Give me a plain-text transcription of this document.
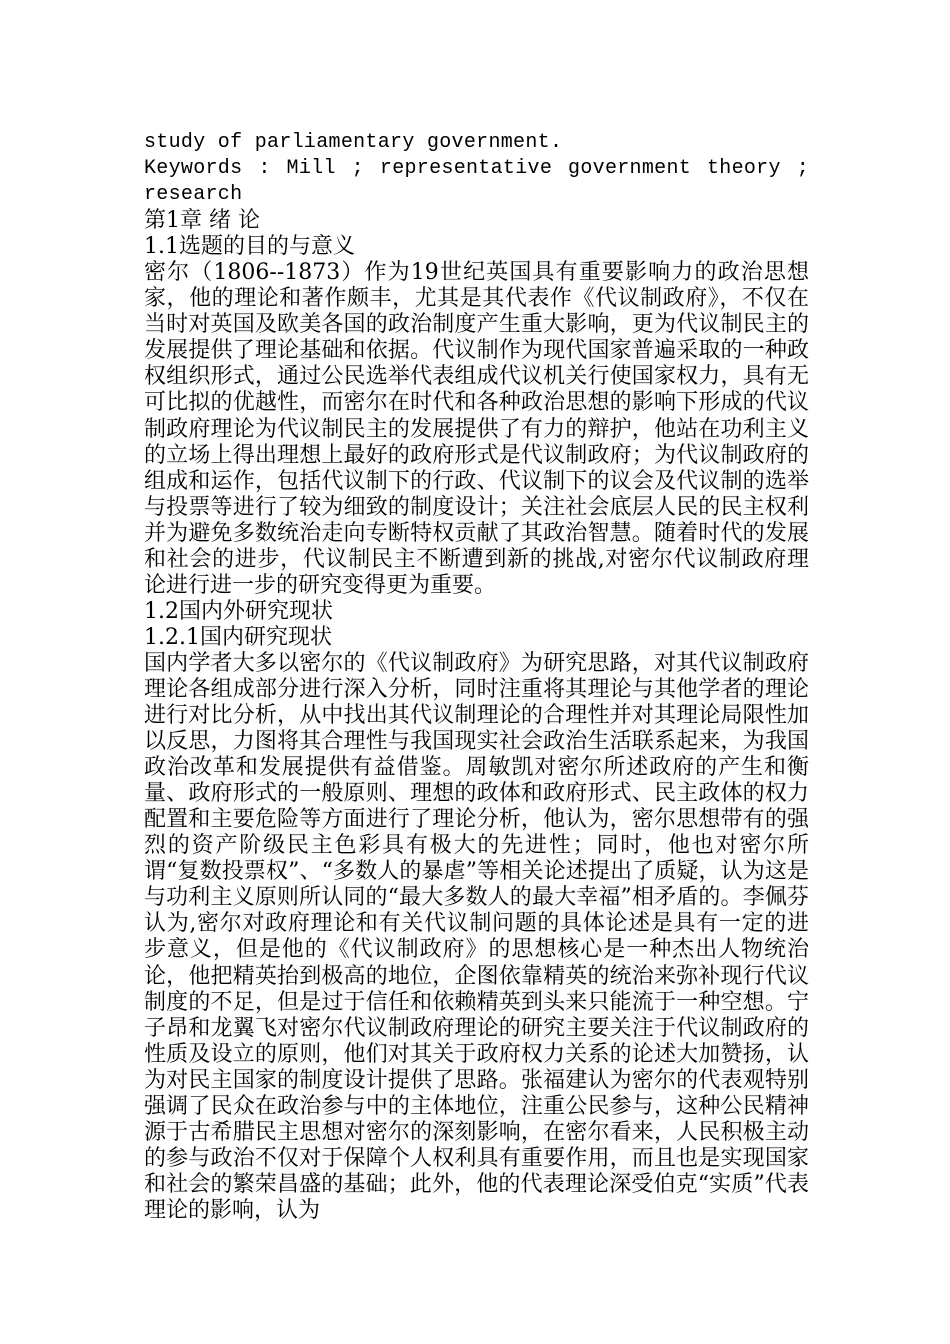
study of parliamentary government.

Keywords : Mill ; representative government theory ; research

第1章 绪 论

1.1选题的目的与意义

密尔（1806--1873）作为19世纪英国具有重要影响力的政治思想家，他的理论和著作颇丰，尤其是其代表作《代议制政府》，不仅在当时对英国及欧美各国的政治制度产生重大影响，更为代议制民主的发展提供了理论基础和依据。代议制作为现代国家普遍采取的一种政权组织形式，通过公民选举代表组成代议机关行使国家权力，具有无可比拟的优越性，而密尔在时代和各种政治思想的影响下形成的代议制政府理论为代议制民主的发展提供了有力的辩护，他站在功利主义的立场上得出理想上最好的政府形式是代议制政府；为代议制政府的组成和运作，包括代议制下的行政、代议制下的议会及代议制的选举与投票等进行了较为细致的制度设计；关注社会底层人民的民主权利并为避免多数统治走向专断特权贡献了其政治智慧。随着时代的发展和社会的进步，代议制民主不断遭到新的挑战,对密尔代议制政府理论进行进一步的研究变得更为重要。

1.2国内外研究现状

1.2.1国内研究现状

国内学者大多以密尔的《代议制政府》为研究思路，对其代议制政府理论各组成部分进行深入分析，同时注重将其理论与其他学者的理论进行对比分析，从中找出其代议制理论的合理性并对其理论局限性加以反思，力图将其合理性与我国现实社会政治生活联系起来，为我国政治改革和发展提供有益借鉴。周敏凯对密尔所述政府的产生和衡量、政府形式的一般原则、理想的政体和政府形式、民主政体的权力配置和主要危险等方面进行了理论分析，他认为，密尔思想带有的强烈的资产阶级民主色彩具有极大的先进性；同时，他也对密尔所谓“复数投票权”、“多数人的暴虐”等相关论述提出了质疑，认为这是与功利主义原则所认同的“最大多数人的最大幸福”相矛盾的。李佩芬认为,密尔对政府理论和有关代议制问题的具体论述是具有一定的进步意义，但是他的《代议制政府》的思想核心是一种杰出人物统治论，他把精英抬到极高的地位，企图依靠精英的统治来弥补现行代议制度的不足，但是过于信任和依赖精英到头来只能流于一种空想。宁子昂和龙翼飞对密尔代议制政府理论的研究主要关注于代议制政府的性质及设立的原则，他们对其关于政府权力关系的论述大加赞扬，认为对民主国家的制度设计提供了思路。张福建认为密尔的代表观特别强调了民众在政治参与中的主体地位，注重公民参与，这种公民精神源于古希腊民主思想对密尔的深刻影响，在密尔看来，人民积极主动的参与政治不仅对于保障个人权利具有重要作用，而且也是实现国家和社会的繁荣昌盛的基础；此外，他的代表理论深受伯克“实质”代表理论的影响，认为
